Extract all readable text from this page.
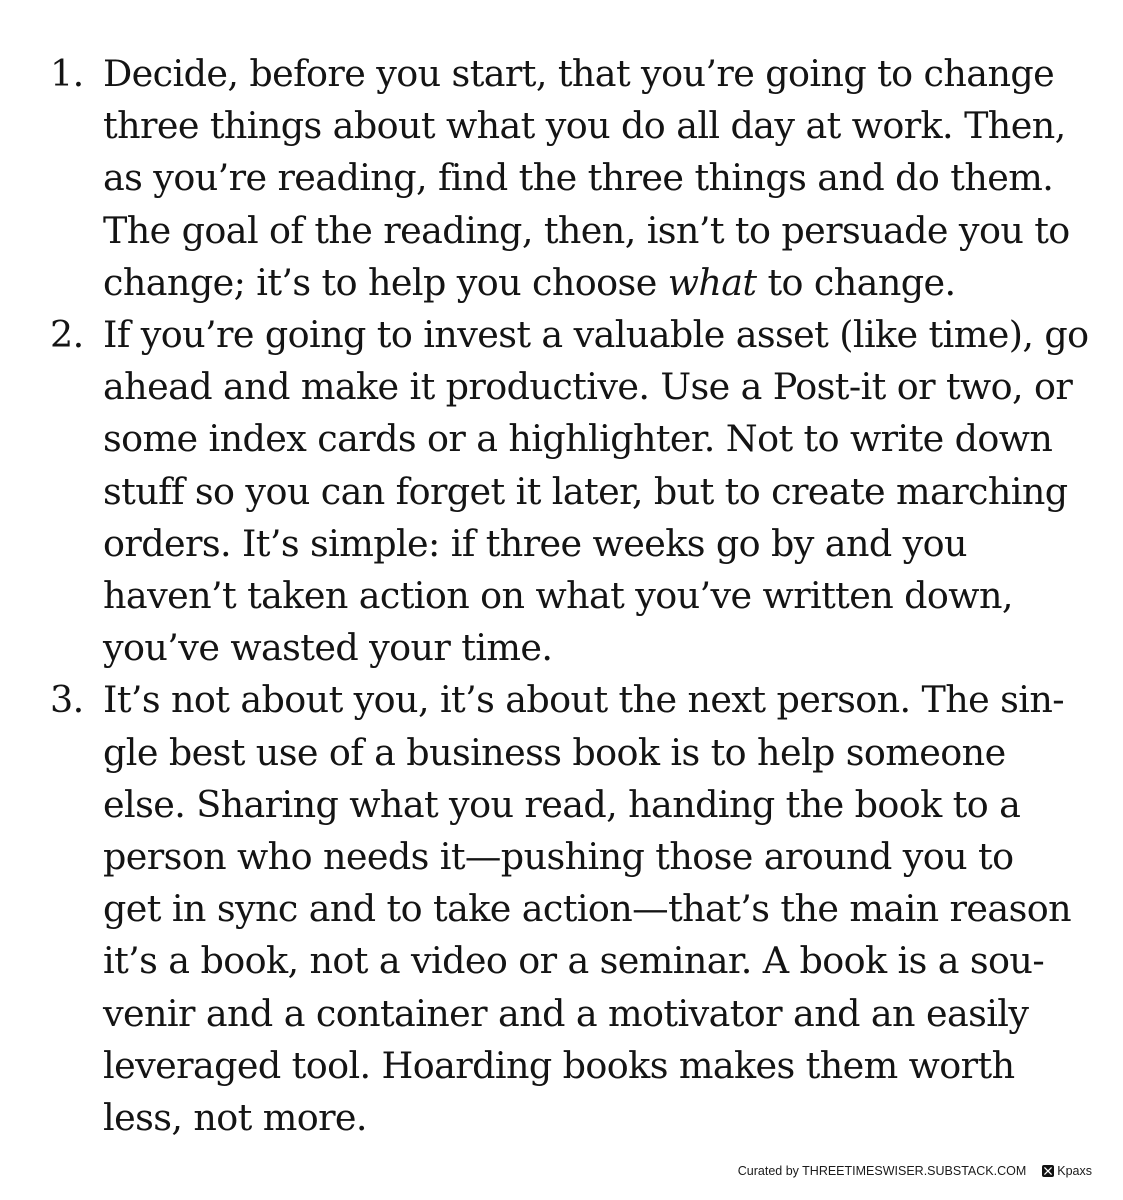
1. Decide, before you start, that you’re going to change
three things about what you do all day at work. Then,
as you’re reading, find the three things and do them.
The goal of the reading, then, isn’t to persuade you to
change; it’s to help you choose what to change.
2. If you’re going to invest a valuable asset (like time), go
ahead and make it productive. Use a Post-it or two, or
some index cards or a highlighter. Not to write down
stuff so you can forget it later, but to create marching
orders. It’s simple: if three weeks go by and you
haven’t taken action on what you’ve written down,
you’ve wasted your time.
3. It’s not about you, it’s about the next person. The sin-
gle best use of a business book is to help someone
else. Sharing what you read, handing the book to a
person who needs it—pushing those around you to
get in sync and to take action—that’s the main reason
it’s a book, not a video or a seminar. A book is a sou-
venir and a container and a motivator and an easily
leveraged tool. Hoarding books makes them worth
less, not more.
Curated by THREETIMESWISER.SUBSTACK.COM Kpaxs
